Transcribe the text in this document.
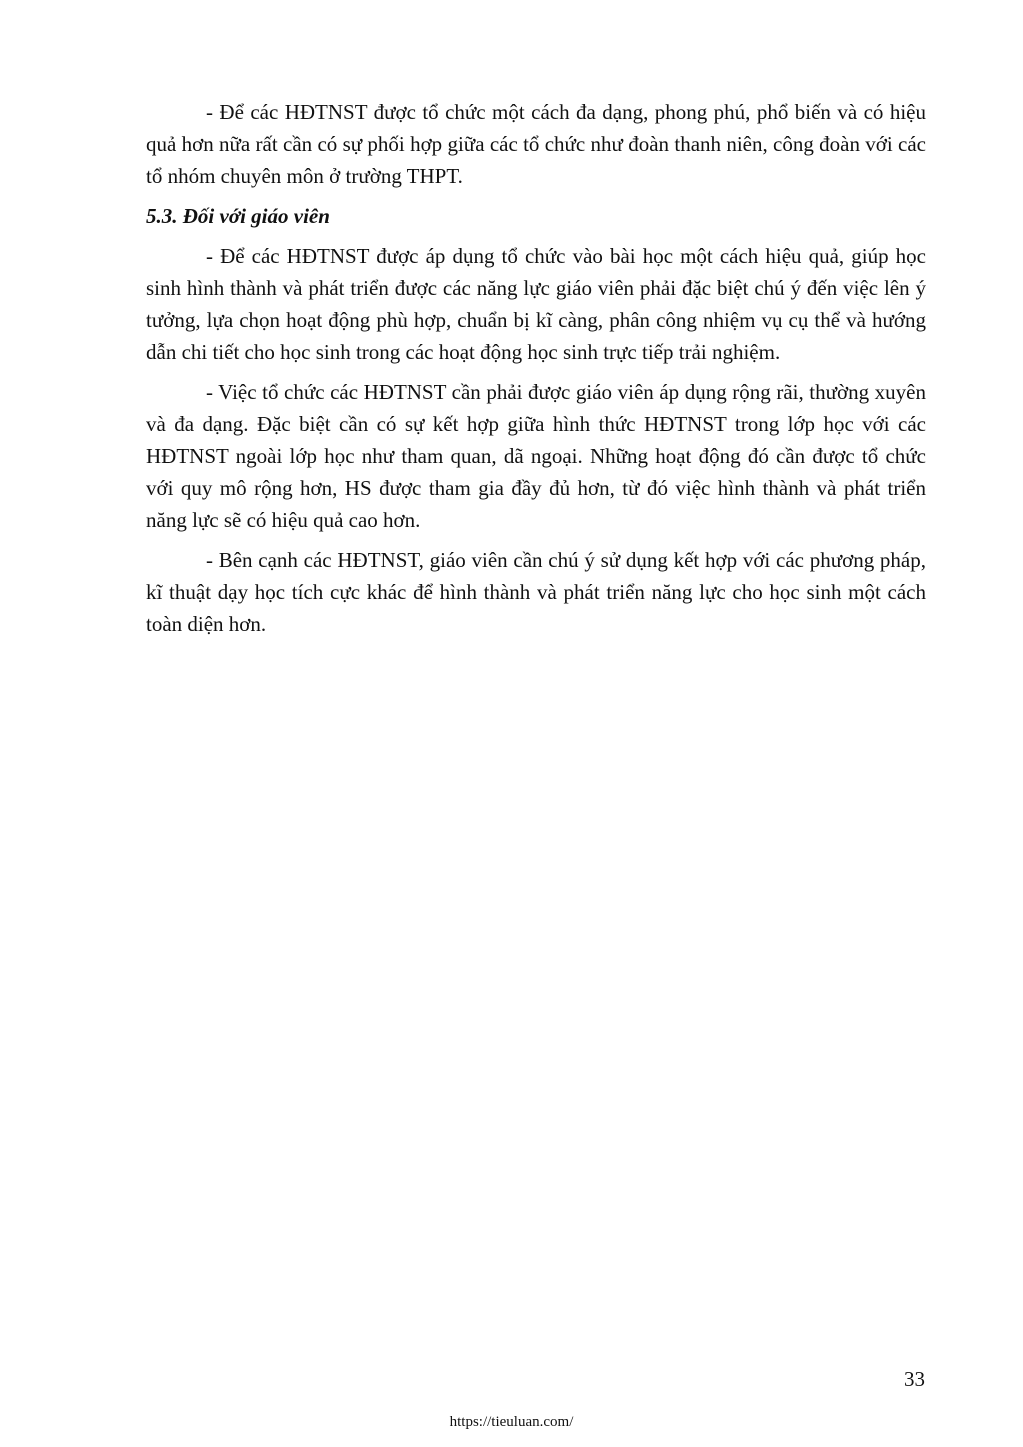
- Để các HĐTNST được tổ chức một cách đa dạng, phong phú, phổ biến và có hiệu quả hơn nữa rất cần có sự phối hợp giữa các tổ chức như đoàn thanh niên, công đoàn với các tổ nhóm chuyên môn ở trường THPT.

5.3. Đối với giáo viên

- Để các HĐTNST được áp dụng tổ chức vào bài học một cách hiệu quả, giúp học sinh hình thành và phát triển được các năng lực giáo viên phải đặc biệt chú ý đến việc lên ý tưởng, lựa chọn hoạt động phù hợp, chuẩn bị kĩ càng, phân công nhiệm vụ cụ thể và hướng dẫn chi tiết cho học sinh trong các hoạt động học sinh trực tiếp trải nghiệm.

- Việc tổ chức các HĐTNST cần phải được giáo viên áp dụng rộng rãi, thường xuyên và đa dạng. Đặc biệt cần có sự kết hợp giữa hình thức HĐTNST trong lớp học với các HĐTNST ngoài lớp học như tham quan, dã ngoại. Những hoạt động đó cần được tổ chức với quy mô rộng hơn, HS được tham gia đầy đủ hơn, từ đó việc hình thành và phát triển năng lực sẽ có hiệu quả cao hơn.

- Bên cạnh các HĐTNST, giáo viên cần chú ý sử dụng kết hợp với các phương pháp, kĩ thuật dạy học tích cực khác để hình thành và phát triển năng lực cho học sinh một cách toàn diện hơn.

33
https://tieuluan.com/
